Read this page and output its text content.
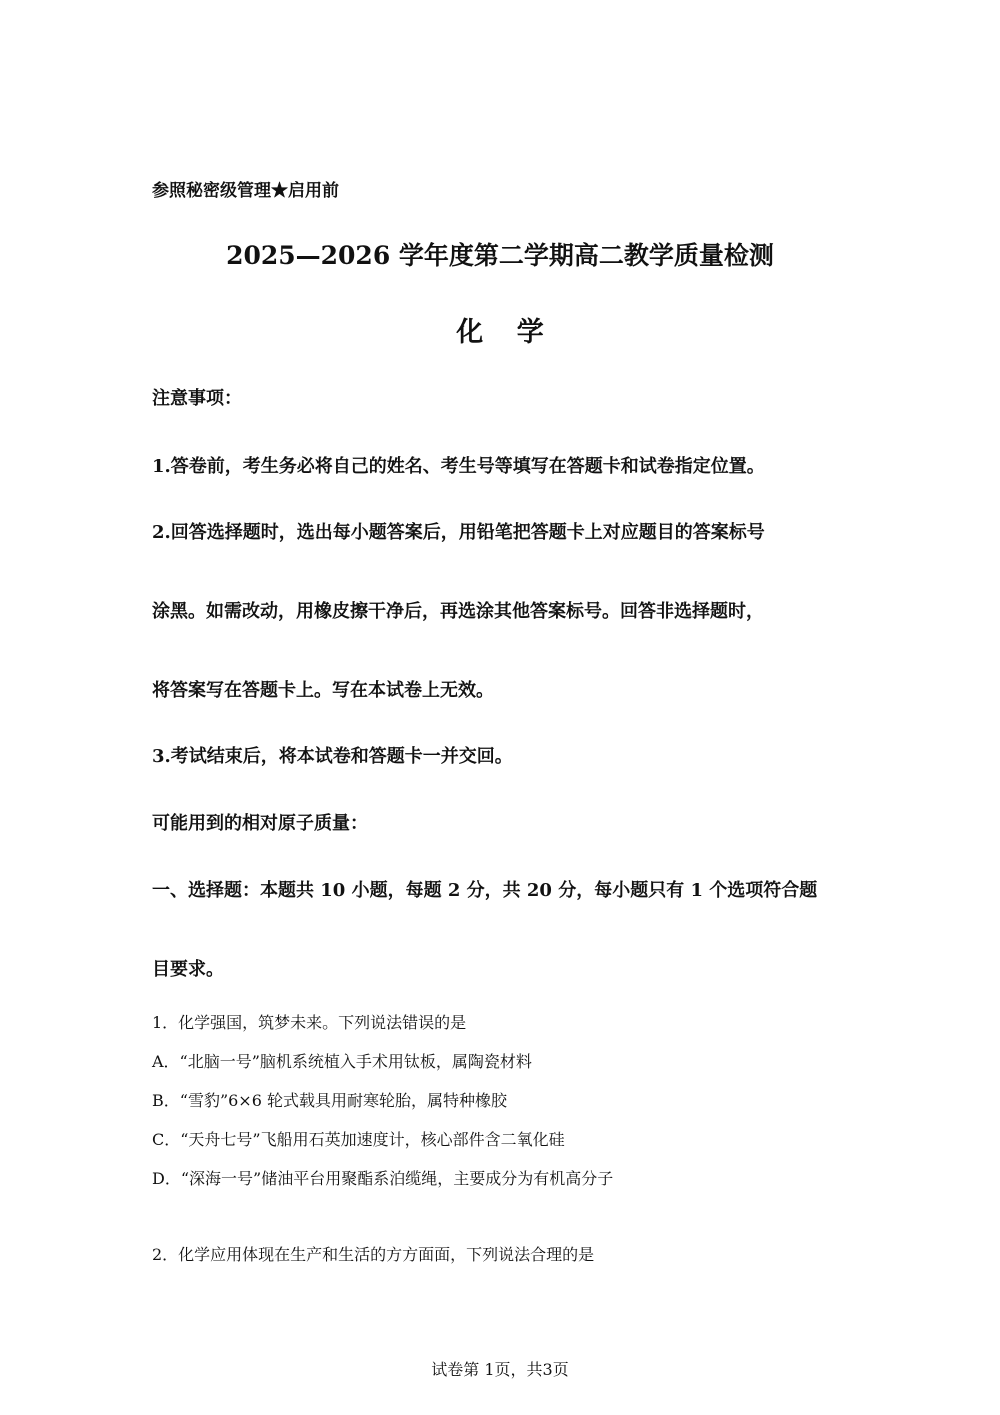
参照秘密级管理★启用前
2025—2026 学年度第二学期高二教学质量检测
化 学
注意事项：
1.答卷前，考生务必将自己的姓名、考生号等填写在答题卡和试卷指定位置。
2.回答选择题时，选出每小题答案后，用铅笔把答题卡上对应题目的答案标号
涂黑。如需改动，用橡皮擦干净后，再选涂其他答案标号。回答非选择题时，
将答案写在答题卡上。写在本试卷上无效。
3.考试结束后，将本试卷和答题卡一并交回。
可能用到的相对原子质量：
一、选择题：本题共 10 小题，每题 2 分，共 20 分，每小题只有 1 个选项符合题
目要求。
1．化学强国，筑梦未来。下列说法错误的是
A．“北脑一号”脑机系统植入手术用钛板，属陶瓷材料
B．“雪豹”6×6 轮式载具用耐寒轮胎，属特种橡胶
C．“天舟七号”飞船用石英加速度计，核心部件含二氧化硅
D．“深海一号”储油平台用聚酯系泊缆绳，主要成分为有机高分子
2．化学应用体现在生产和生活的方方面面，下列说法合理的是
试卷第 1页，共3页
